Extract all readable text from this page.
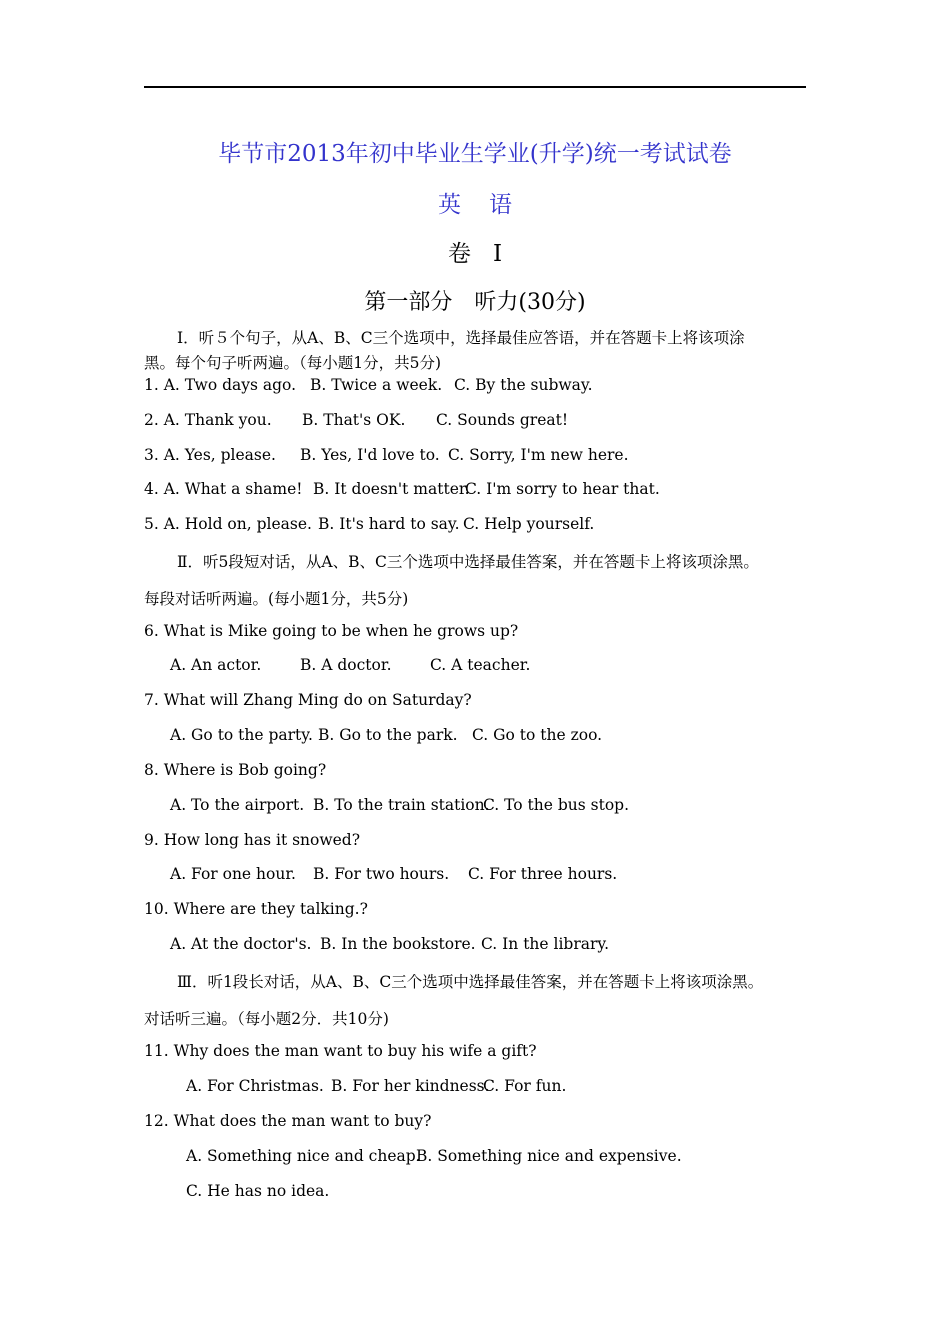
毕节市2013年初中毕业生学业(升学)统一考试试卷
英语
卷Ⅰ
第一部分　听力(30分)
Ⅰ．听５个句子，从A、B、C三个选项中，选择最佳应答语，并在答题卡上将该项涂
黑。每个句子听两遍。（每小题1分，共5分)
1. A. Two days ago. B. Twice a week. C. By the subway.
2. A. Thank you. B. That's OK. C. Sounds great!
3. A. Yes, please. B. Yes, I'd love to. C. Sorry, I'm new here.
4. A. What a shame! B. It doesn't matter.
C. I'm sorry to hear that.
5. A. Hold on, please. B. It's hard to say. C. Help yourself.
Ⅱ．听5段短对话，从A、B、C三个选项中选择最佳答案，并在答题卡上将该项涂黑。
每段对话听两遍。(每小题1分，共5分)
6. What is Mike going to be when he grows up?
A. An actor. B. A doctor. C. A teacher.
7. What will Zhang Ming do on Saturday?
A. Go to the party. B. Go to the park. C. Go to the zoo.
8. Where is Bob going?
A. To the airport. B. To the train station.
C. To the bus stop.
9. How long has it snowed?
A. For one hour. B. For two hours. C. For three hours.
10. Where are they talking.?
A. At the doctor's. B. In the bookstore. C. In the library.
Ⅲ．听1段长对话，从A、B、C三个选项中选择最佳答案，并在答题卡上将该项涂黑。
对话听三遍。（每小题2分．共10分)
11. Why does the man want to buy his wife a gift?
A. For Christmas. B. For her kindness.
C. For fun.
12. What does the man want to buy?
A. Something nice and cheap.
B. Something nice and expensive.
C. He has no idea.
